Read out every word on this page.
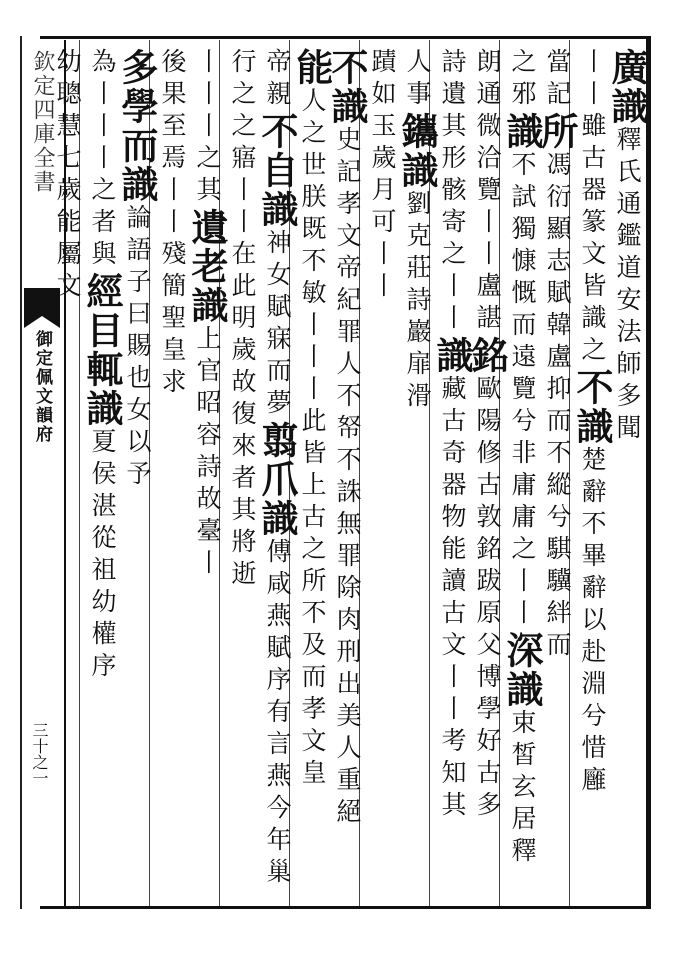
欽定四庫全書
御定佩文韻府
三十之一
廣識釋氏通鑑道安法師多聞
丨丨雖古器篆文皆識之不識楚辭不畢辭以赴淵兮惜廱
當記所馮衍顯志賦韓盧抑而不縱兮騏驥絆而
之邪識不試獨慷慨而遠覽兮非庸庸之丨丨深識束皙玄居釋
朗通微洽覽丨丨盧諶銘歐陽修古敦銘跋原父博學好古多
詩遺其形骸寄之丨丨識藏古奇器物能讀古文丨丨考知其
人事鑴識劉克莊詩巖扉滑
蹟如玉歲月可丨丨
不識史記孝文帝紀罪人不帑不誅無罪除肉刑出美人重絕
能人之世朕既不敏丨丨丨此皆上古之所不及而孝文皇
帝親不自識神女賦寐而夢翦爪識傅咸燕賦序有言燕今年巢
行之之寤丨丨在此明歲故復來者其將逝
丨丨丨之其遺老識上官昭容詩故臺丨
後果至焉丨丨殘簡聖皇求
多學而識論語子曰賜也女以予
為丨丨丨之者與經目輒識夏侯湛從祖幼權序
幼聰慧七歲能屬文
